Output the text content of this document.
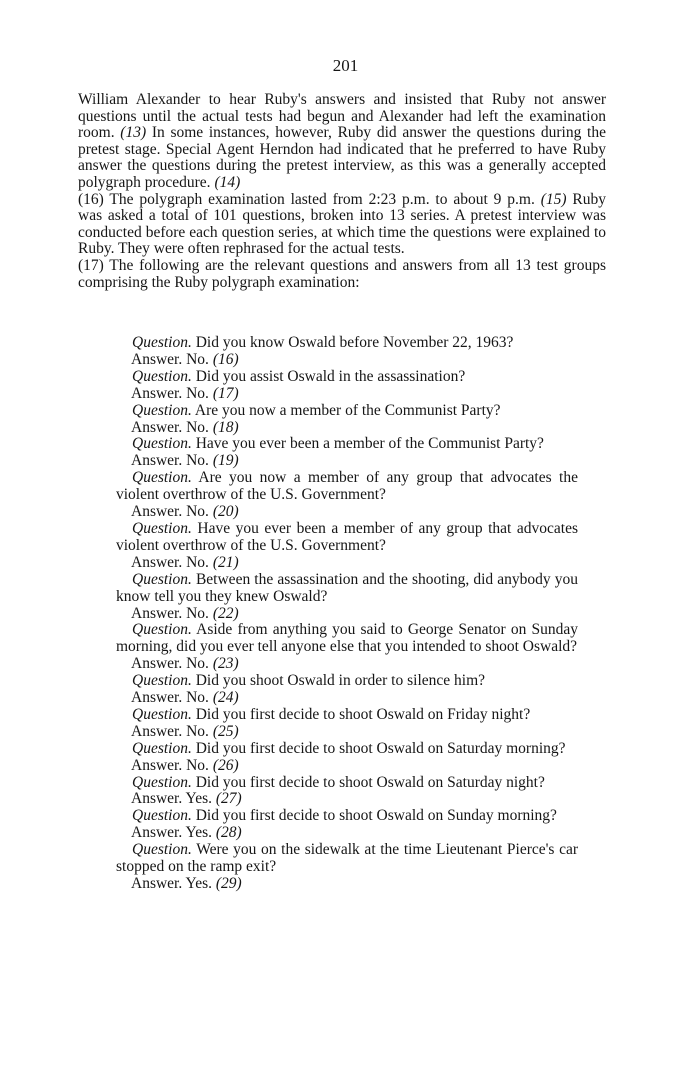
201

William Alexander to hear Ruby's answers and insisted that Ruby not answer questions until the actual tests had begun and Alexander had left the examination room. (13) In some instances, however, Ruby did answer the questions during the pretest stage. Special Agent Herndon had indicated that he preferred to have Ruby answer the questions during the pretest interview, as this was a generally accepted polygraph procedure. (14)

(16) The polygraph examination lasted from 2:23 p.m. to about 9 p.m. (15) Ruby was asked a total of 101 questions, broken into 13 series. A pretest interview was conducted before each question series, at which time the questions were explained to Ruby. They were often rephrased for the actual tests.

(17) The following are the relevant questions and answers from all 13 test groups comprising the Ruby polygraph examination:

Question. Did you know Oswald before November 22, 1963?

Answer. No. (16)

Question. Did you assist Oswald in the assassination?

Answer. No. (17)

Question. Are you now a member of the Communist Party?

Answer. No. (18)

Question. Have you ever been a member of the Communist Party?

Answer. No. (19)

Question. Are you now a member of any group that advocates the violent overthrow of the U.S. Government?

Answer. No. (20)

Question. Have you ever been a member of any group that advocates violent overthrow of the U.S. Government?

Answer. No. (21)

Question. Between the assassination and the shooting, did anybody you know tell you they knew Oswald?

Answer. No. (22)

Question. Aside from anything you said to George Senator on Sunday morning, did you ever tell anyone else that you intended to shoot Oswald?

Answer. No. (23)

Question. Did you shoot Oswald in order to silence him?

Answer. No. (24)

Question. Did you first decide to shoot Oswald on Friday night?

Answer. No. (25)

Question. Did you first decide to shoot Oswald on Saturday morning?

Answer. No. (26)

Question. Did you first decide to shoot Oswald on Saturday night?

Answer. Yes. (27)

Question. Did you first decide to shoot Oswald on Sunday morning?

Answer. Yes. (28)

Question. Were you on the sidewalk at the time Lieutenant Pierce's car stopped on the ramp exit?

Answer. Yes. (29)
